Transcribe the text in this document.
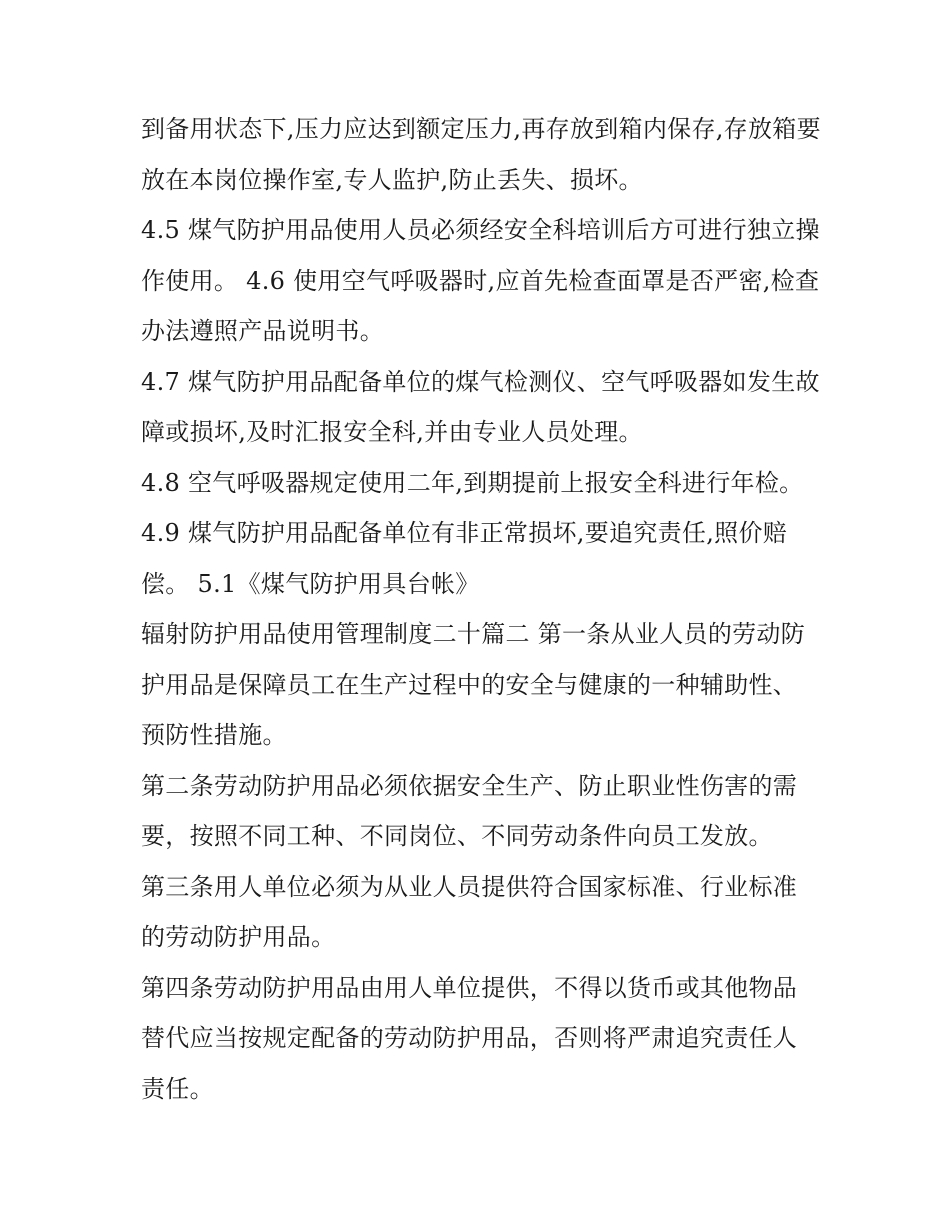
到备用状态下,压力应达到额定压力,再存放到箱内保存,存放箱要放在本岗位操作室,专人监护,防止丢失、损坏。

4.5 煤气防护用品使用人员必须经安全科培训后方可进行独立操作使用。 4.6 使用空气呼吸器时,应首先检查面罩是否严密,检查办法遵照产品说明书。

4.7 煤气防护用品配备单位的煤气检测仪、空气呼吸器如发生故障或损坏,及时汇报安全科,并由专业人员处理。

4.8 空气呼吸器规定使用二年,到期提前上报安全科进行年检。

4.9 煤气防护用品配备单位有非正常损坏,要追究责任,照价赔偿。 5.1《煤气防护用具台帐》

辐射防护用品使用管理制度二十篇二 第一条从业人员的劳动防护用品是保障员工在生产过程中的安全与健康的一种辅助性、预防性措施。

第二条劳动防护用品必须依据安全生产、防止职业性伤害的需要，按照不同工种、不同岗位、不同劳动条件向员工发放。

第三条用人单位必须为从业人员提供符合国家标准、行业标准的劳动防护用品。

第四条劳动防护用品由用人单位提供，不得以货币或其他物品替代应当按规定配备的劳动防护用品，否则将严肃追究责任人责任。
